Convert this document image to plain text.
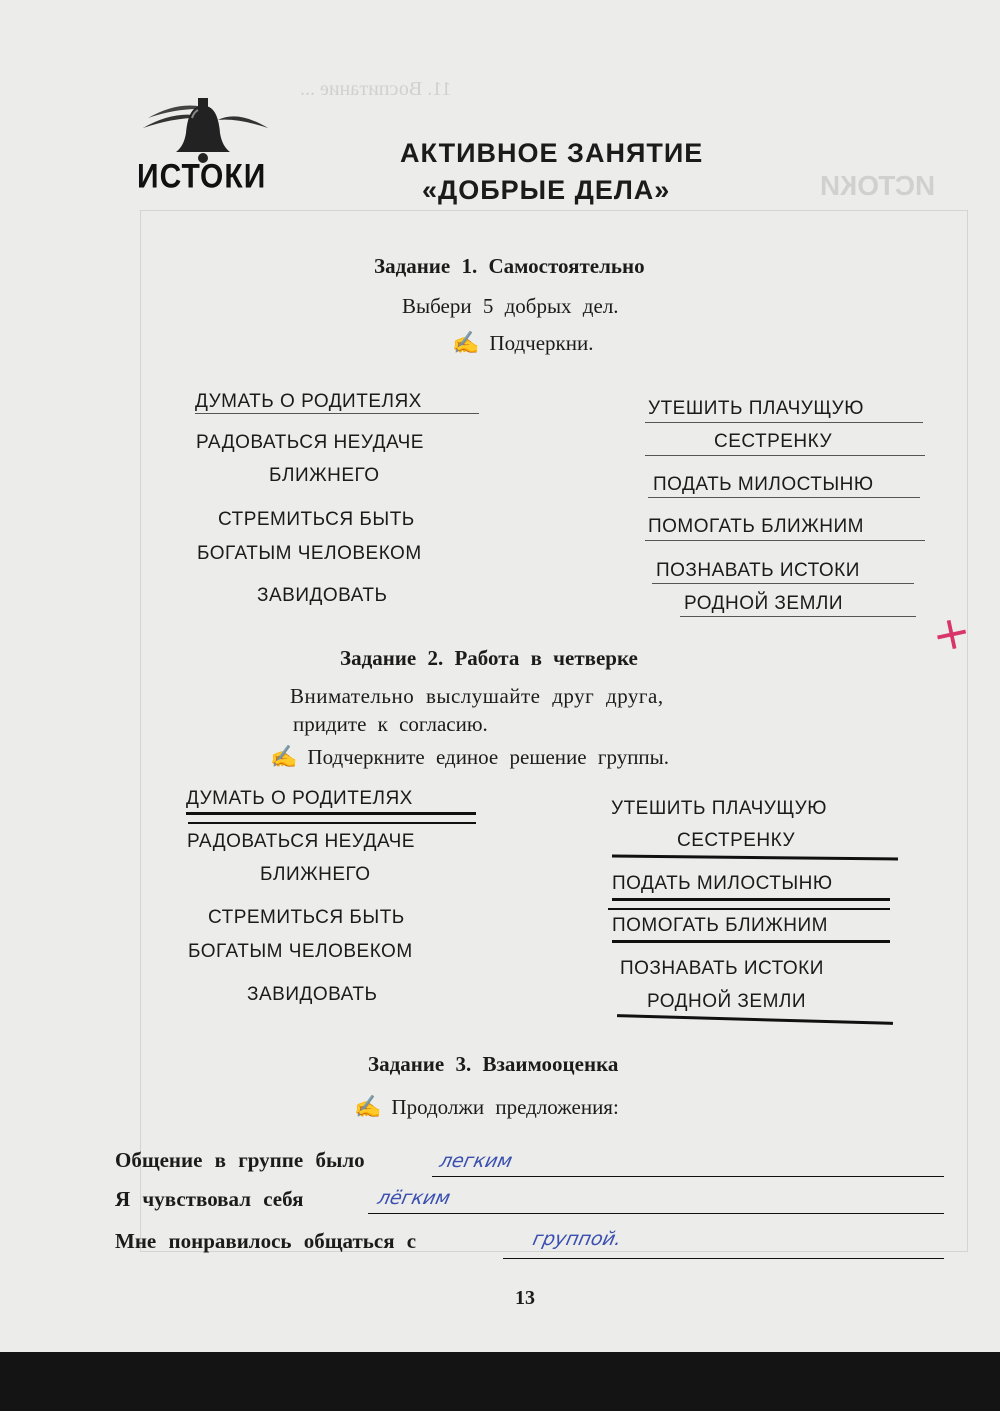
11. Воспитание ...
ИСТОКИ
ИСТОКИ
АКТИВНОЕ ЗАНЯТИЕ
«ДОБРЫЕ ДЕЛА»
Задание 1. Самостоятельно
Выбери 5 добрых дел.
✍ Подчеркни.
ДУМАТЬ О РОДИТЕЛЯХ
РАДОВАТЬСЯ НЕУДАЧЕ
БЛИЖНЕГО
СТРЕМИТЬСЯ БЫТЬ
БОГАТЫМ ЧЕЛОВЕКОМ
ЗАВИДОВАТЬ
УТЕШИТЬ ПЛАЧУЩУЮ
СЕСТРЕНКУ
ПОДАТЬ МИЛОСТЫНЮ
ПОМОГАТЬ БЛИЖНИМ
ПОЗНАВАТЬ ИСТОКИ
РОДНОЙ ЗЕМЛИ +
Задание 2. Работа в четверке
Внимательно выслушайте друг друга,
придите к согласию.
✍ Подчеркните единое решение группы.
ДУМАТЬ О РОДИТЕЛЯХ
РАДОВАТЬСЯ НЕУДАЧЕ
БЛИЖНЕГО
СТРЕМИТЬСЯ БЫТЬ
БОГАТЫМ ЧЕЛОВЕКОМ
ЗАВИДОВАТЬ
УТЕШИТЬ ПЛАЧУЩУЮ
СЕСТРЕНКУ
ПОДАТЬ МИЛОСТЫНЮ
ПОМОГАТЬ БЛИЖНИМ
ПОЗНАВАТЬ ИСТОКИ
РОДНОЙ ЗЕМЛИ
Задание 3. Взаимооценка
✍ Продолжи предложения:
Общение в группе было	легким
Я чувствовал себя	лёгким
Мне понравилось общаться с	группой.
13
